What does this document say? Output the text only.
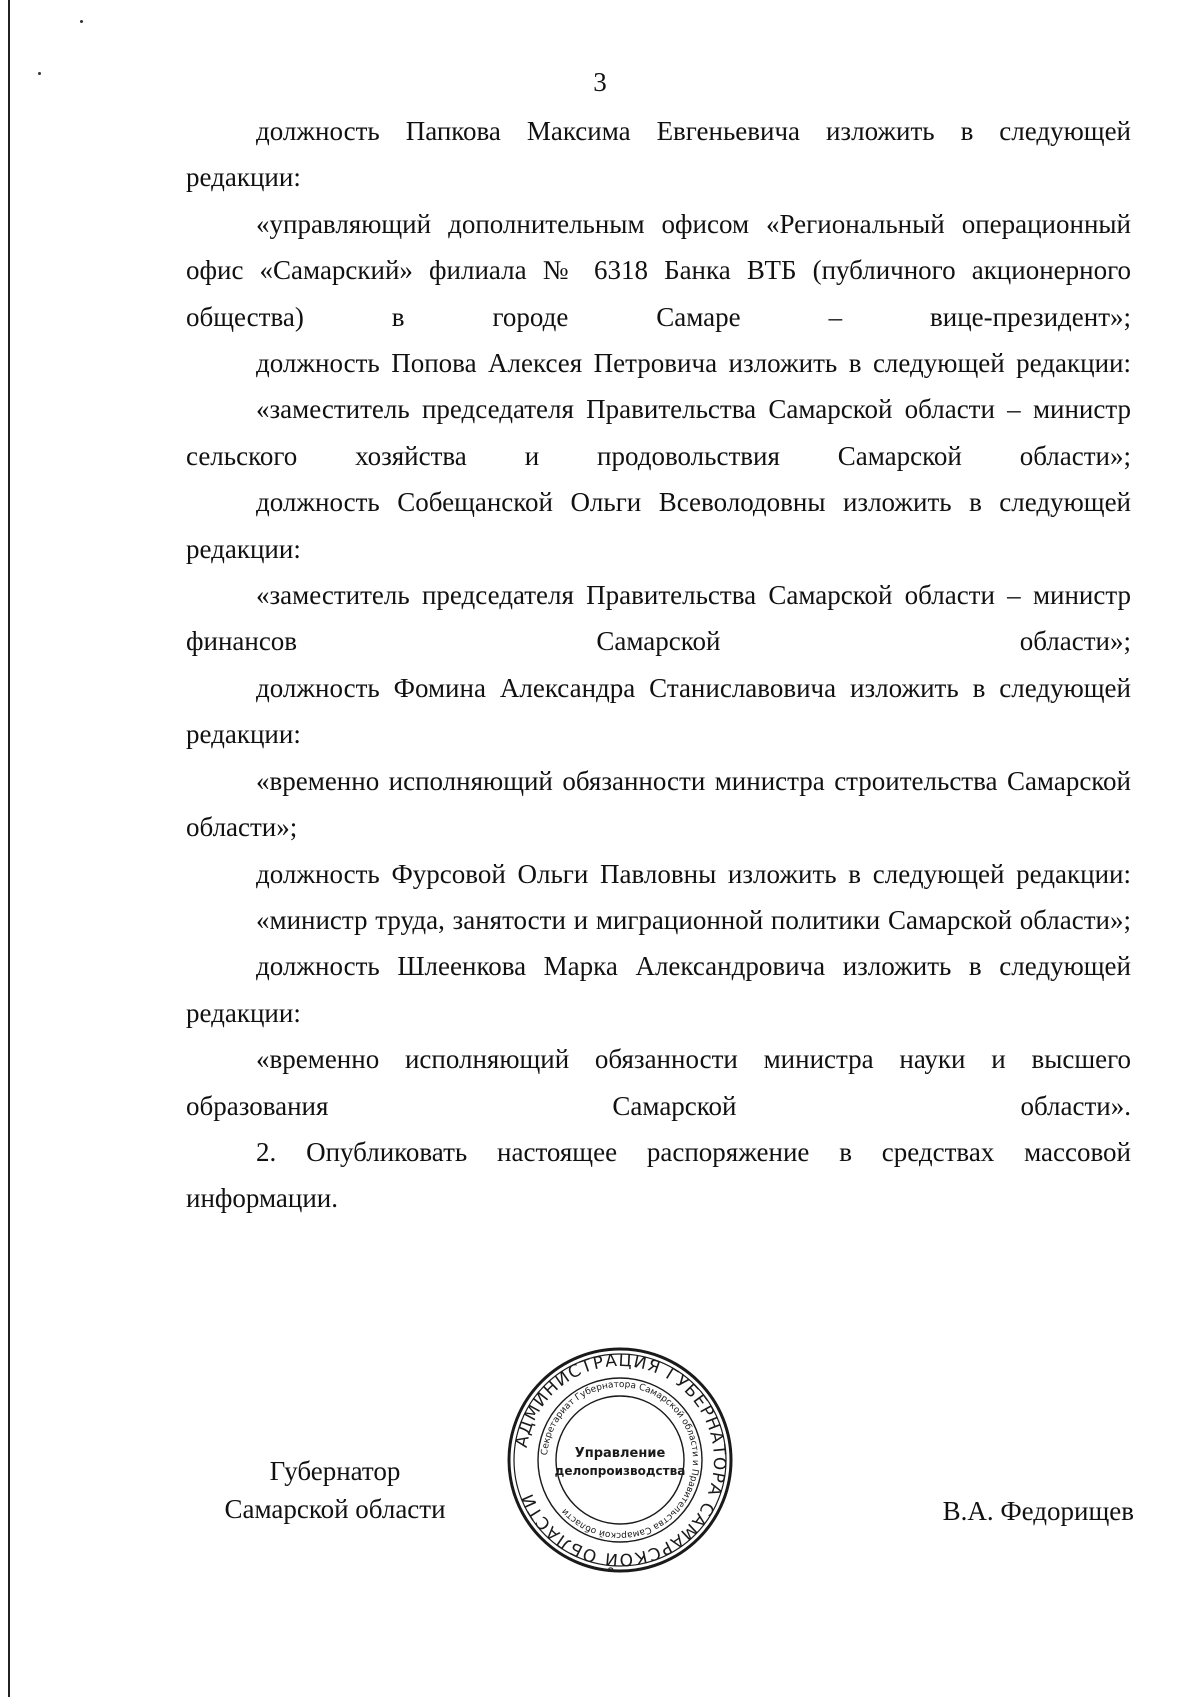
3

должность Папкова Максима Евгеньевича изложить в следующей редакции:

«управляющий дополнительным офисом «Региональный операционный офис «Самарский» филиала № 6318 Банка ВТБ (публичного акционерного общества) в городе Самаре – вице-президент»;

должность Попова Алексея Петровича изложить в следующей редакции:

«заместитель председателя Правительства Самарской области – министр сельского хозяйства и продовольствия Самарской области»;

должность Собещанской Ольги Всеволодовны изложить в следующей редакции:

«заместитель председателя Правительства Самарской области – министр финансов Самарской области»;

должность Фомина Александра Станиславовича изложить в следующей редакции:

«временно исполняющий обязанности министра строительства Самарской области»;

должность Фурсовой Ольги Павловны изложить в следующей редакции:

«министр труда, занятости и миграционной политики Самарской области»;

должность Шлеенкова Марка Александровича изложить в следующей редакции:

«временно исполняющий обязанности министра науки и высшего образования Самарской области».

2. Опубликовать настоящее распоряжение в средствах массовой информации.

Губернатор
Самарской области	В.А. Федорищев
АДМИНИСТРАЦИЯ ГУБЕРНАТОРА САМАРСКОЙ ОБЛАСТИ
Секретариат Губернатора Самарской области и Правительства Самарской области
Управление
делопроизводства
